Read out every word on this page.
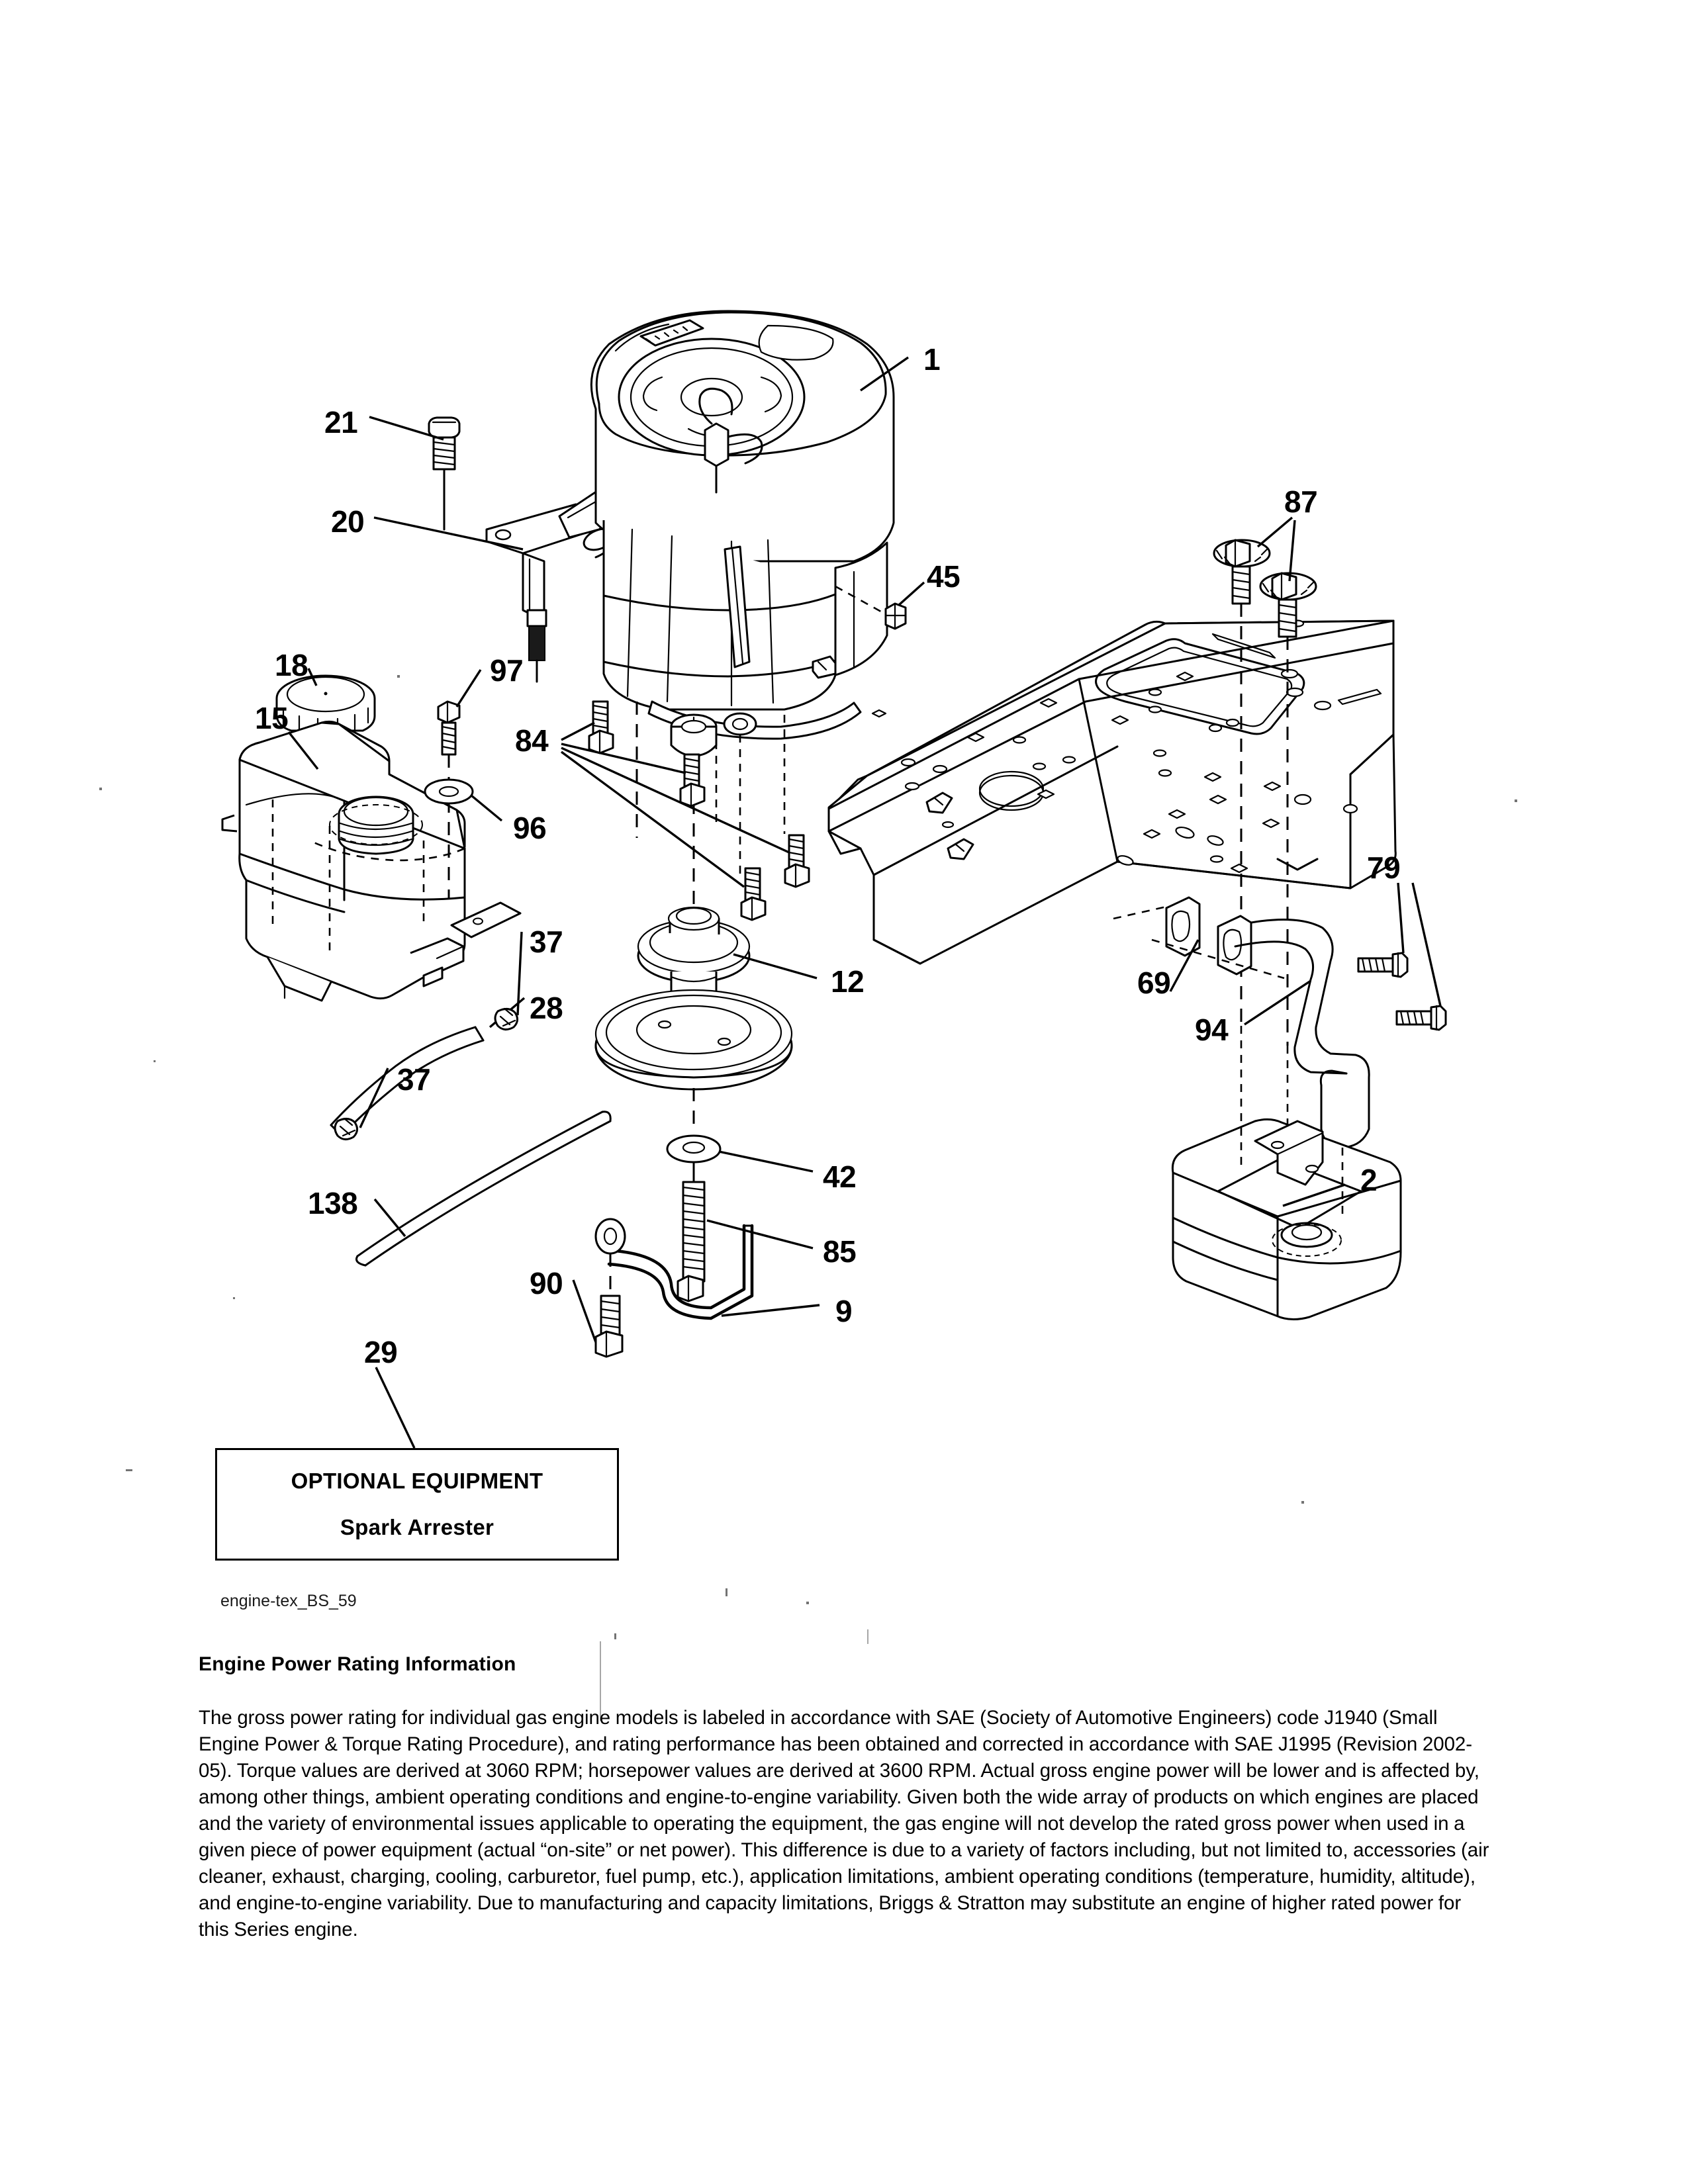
1
21
20
87
45
18	97
15
84
96
79
37
12	69
28
94
37
42	2
138
85
90
9
29
OPTIONAL EQUIPMENT
Spark Arrester
engine-tex_BS_59
Engine Power Rating Information

The gross power rating for individual gas engine models is labeled in accordance with SAE (Society of Automotive Engineers) code J1940 (Small Engine Power & Torque Rating Procedure), and rating performance has been obtained and corrected in accordance with SAE J1995 (Revision 2002-05). Torque values are derived at 3060 RPM; horsepower values are derived at 3600 RPM. Actual gross engine power will be lower and is affected by, among other things, ambient operating conditions and engine-to-engine variability. Given both the wide array of products on which engines are placed and the variety of environmental issues applicable to operating the equipment, the gas engine will not develop the rated gross power when used in a given piece of power equipment (actual “on-site” or net power). This difference is due to a variety of factors including, but not limited to, accessories (air cleaner, exhaust, charging, cooling, carburetor, fuel pump, etc.), application limitations, ambient operating conditions (temperature, humidity, altitude), and engine-to-engine variability. Due to manufacturing and capacity limitations, Briggs & Stratton may substitute an engine of higher rated power for this Series engine.
